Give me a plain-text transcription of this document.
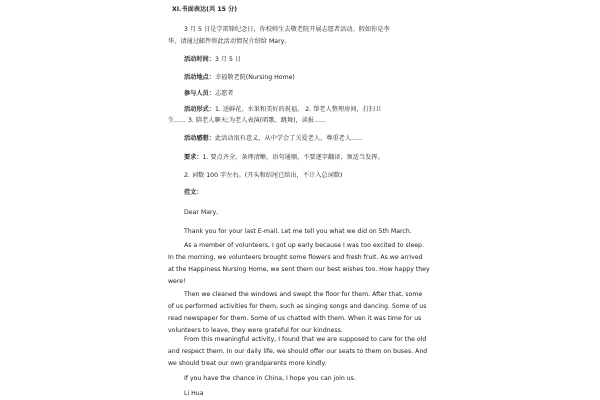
XI.书面表达(共 15 分)
3 月 5 日是学雷锋纪念日，你校师生去敬老院开展志愿者活动。假如你是李
华，请通过邮件将此活动情况介绍给 Mary。
活动时间：3 月 5 日
活动地点：幸福敬老院(Nursing Home)
参与人员：志愿者
活动形式：1. 送鲜花、水果和美好的祝福。 2. 帮老人整理房间，打扫卫
生...... 3. 陪老人聊天;为老人表演(唱歌、跳舞)，读报......
活动感想：此活动很有意义，从中学会了关爱老人，尊重老人......
要求：1. 要点齐全，条理清晰，语句通顺，不要逐字翻译，须适当发挥。
2. 词数 100 字左右。(开头和结尾已给出，不计入总词数)
范文：
Dear Mary,
Thank you for your last E-mail. Let me tell you what we did on 5th March.
As a member of volunteers, I got up early because I was too excited to sleep. In the morning, we volunteers brought some flowers and fresh fruit. As we arrived at the Happiness Nursing Home, we sent them our best wishes too. How happy they were!
Then we cleaned the windows and swept the floor for them. After that, some of us performed activities for them, such as singing songs and dancing. Some of us read newspaper for them. Some of us chatted with them. When it was time for us volunteers to leave, they were grateful for our kindness.
From this meaningful activity, I found that we are supposed to care for the old and respect them. In our daily life, we should offer our seats to them on buses. And we should treat our own grandparents more kindly.
If you have the chance in China, I hope you can join us.
Li Hua
